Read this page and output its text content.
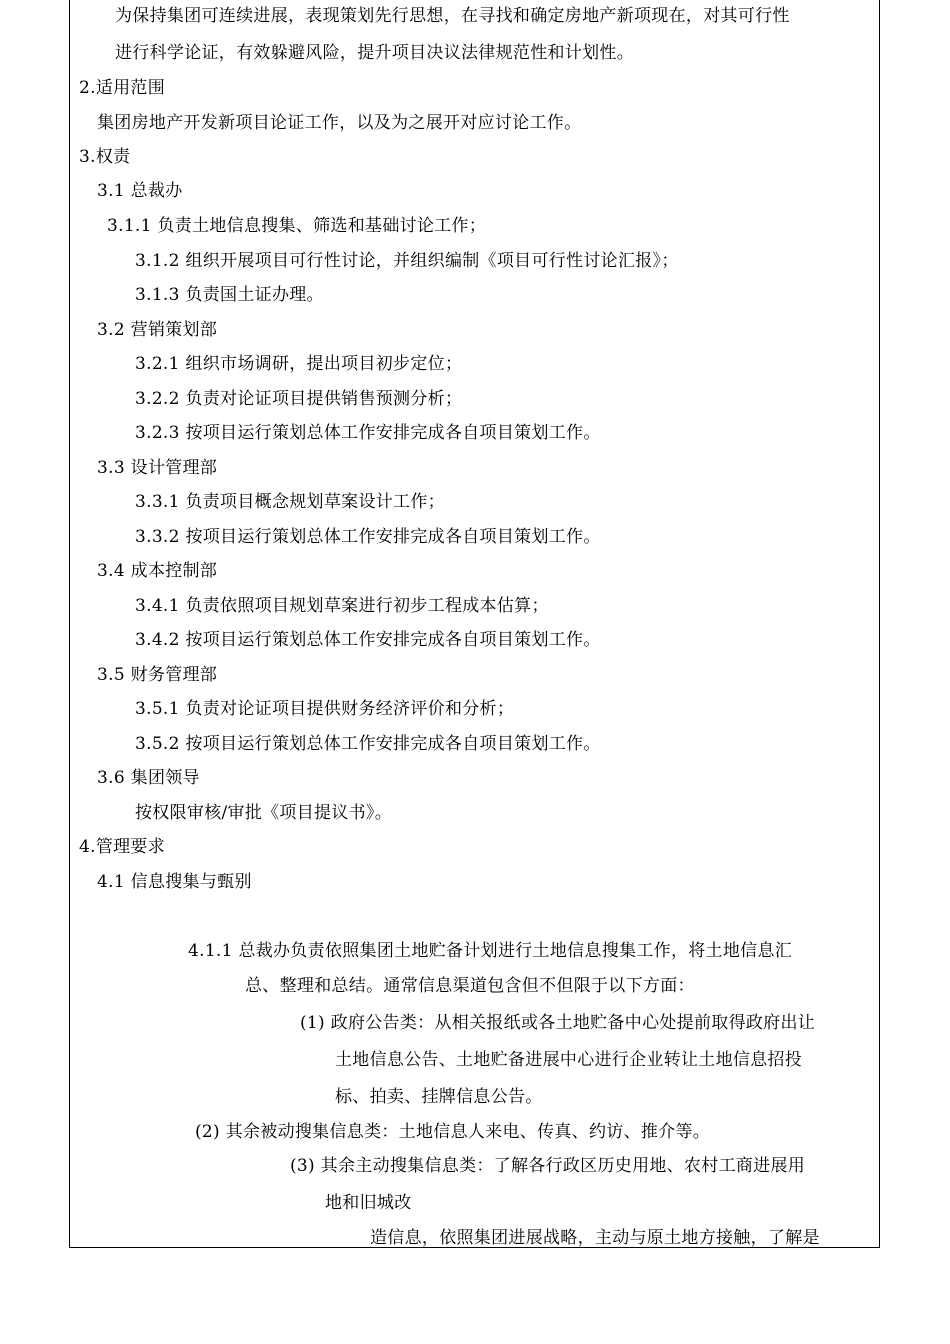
为保持集团可连续进展，表现策划先行思想，在寻找和确定房地产新项现在，对其可行性
进行科学论证，有效躲避风险，提升项目决议法律规范性和计划性。
2.适用范围
集团房地产开发新项目论证工作，以及为之展开对应讨论工作。
3.权责
3.1 总裁办
3.1.1 负责土地信息搜集、筛选和基础讨论工作；
3.1.2 组织开展项目可行性讨论，并组织编制《项目可行性讨论汇报》；
3.1.3 负责国土证办理。
3.2 营销策划部
3.2.1 组织市场调研，提出项目初步定位；
3.2.2 负责对论证项目提供销售预测分析；
3.2.3 按项目运行策划总体工作安排完成各自项目策划工作。
3.3 设计管理部
3.3.1 负责项目概念规划草案设计工作；
3.3.2 按项目运行策划总体工作安排完成各自项目策划工作。
3.4 成本控制部
3.4.1 负责依照项目规划草案进行初步工程成本估算；
3.4.2 按项目运行策划总体工作安排完成各自项目策划工作。
3.5 财务管理部
3.5.1 负责对论证项目提供财务经济评价和分析；
3.5.2 按项目运行策划总体工作安排完成各自项目策划工作。
3.6 集团领导
按权限审核/审批《项目提议书》。
4.管理要求
4.1 信息搜集与甄别
4.1.1 总裁办负责依照集团土地贮备计划进行土地信息搜集工作，将土地信息汇
总、整理和总结。通常信息渠道包含但不但限于以下方面：
(1) 政府公告类：从相关报纸或各土地贮备中心处提前取得政府出让
土地信息公告、土地贮备进展中心进行企业转让土地信息招投
标、拍卖、挂牌信息公告。
(2) 其余被动搜集信息类：土地信息人来电、传真、约访、推介等。
(3) 其余主动搜集信息类：了解各行政区历史用地、农村工商进展用
地和旧城改
造信息，依照集团进展战略，主动与原土地方接触，了解是
